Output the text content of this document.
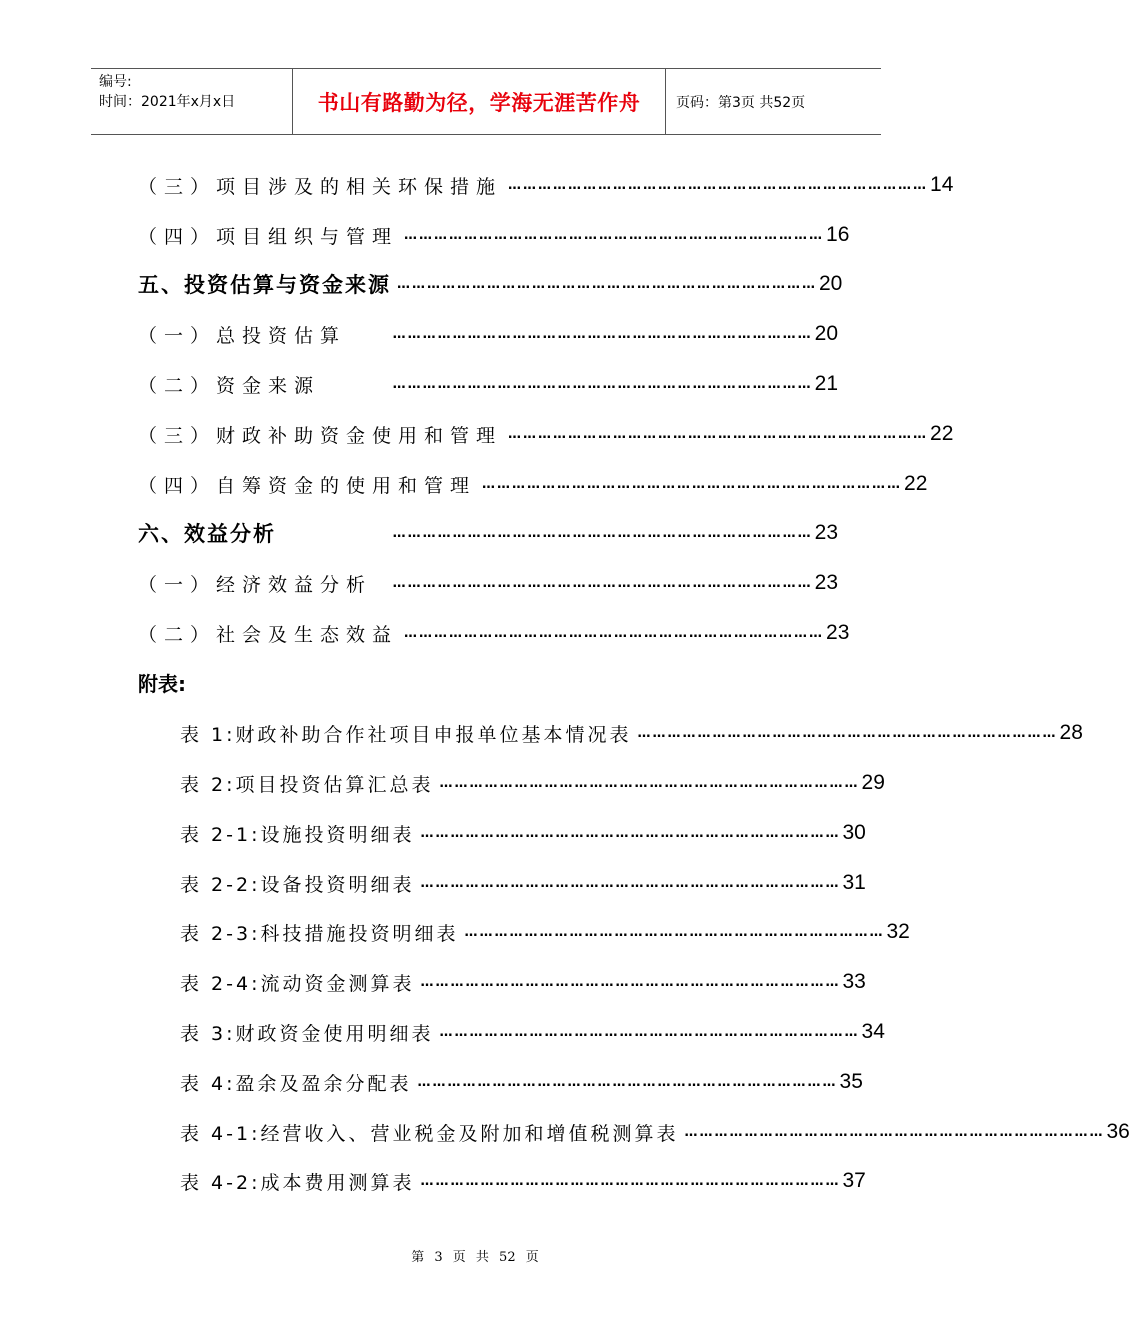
编号:
时间：2021年x月x日	书山有路勤为径，学海无涯苦作舟	页码：第3页 共52页
（三）项目涉及的相关环保措施 ………………………………………………………………………… 14
（四）项目组织与管理 ………………………………………………………………………… 16
五、投资估算与资金来源 ………………………………………………………………………… 20
（一）总投资估算	………………………………………………………………………… 20
（二）资金来源	………………………………………………………………………… 21
（三）财政补助资金使用和管理 ………………………………………………………………………… 22
（四）自筹资金的使用和管理 ………………………………………………………………………… 22
六、效益分析	………………………………………………………………………… 23
（一）经济效益分析	………………………………………………………………………… 23
（二）社会及生态效益 ………………………………………………………………………… 23
附表:
表 1:财政补助合作社项目申报单位基本情况表 ………………………………………………………………………… 28
表 2:项目投资估算汇总表 ………………………………………………………………………… 29
表 2-1:设施投资明细表 ………………………………………………………………………… 30
表 2-2:设备投资明细表 ………………………………………………………………………… 31
表 2-3:科技措施投资明细表 ………………………………………………………………………… 32
表 2-4:流动资金测算表 ………………………………………………………………………… 33
表 3:财政资金使用明细表 ………………………………………………………………………… 34
表 4:盈余及盈余分配表 ………………………………………………………………………… 35
表 4-1:经营收入、营业税金及附加和增值税测算表 ………………………………………………………………………… 36
表 4-2:成本费用测算表 ………………………………………………………………………… 37
第 3 页 共 52 页
